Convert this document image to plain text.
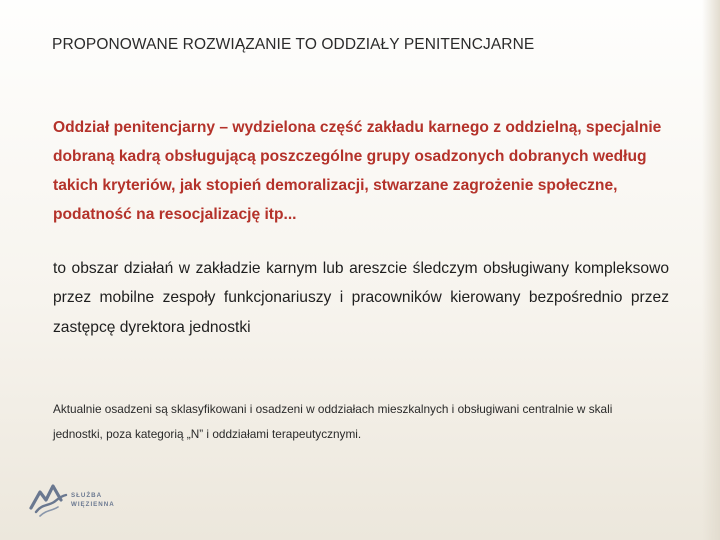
PROPONOWANE ROZWIĄZANIE TO ODDZIAŁY PENITENCJARNE
Oddział penitencjarny – wydzielona część zakładu karnego z oddzielną, specjalnie dobraną kadrą obsługującą poszczególne grupy osadzonych dobranych według takich kryteriów, jak stopień demoralizacji, stwarzane zagrożenie społeczne, podatność na resocjalizację itp...
to obszar działań w zakładzie karnym lub areszcie śledczym obsługiwany kompleksowo przez mobilne zespoły funkcjonariuszy i pracowników kierowany bezpośrednio przez zastępcę dyrektora jednostki
Aktualnie osadzeni są sklasyfikowani i osadzeni w oddziałach mieszkalnych i obsługiwani centralnie w skali jednostki, poza kategorią „N” i oddziałami terapeutycznymi.
SŁUŻBA
WIĘZIENNA
